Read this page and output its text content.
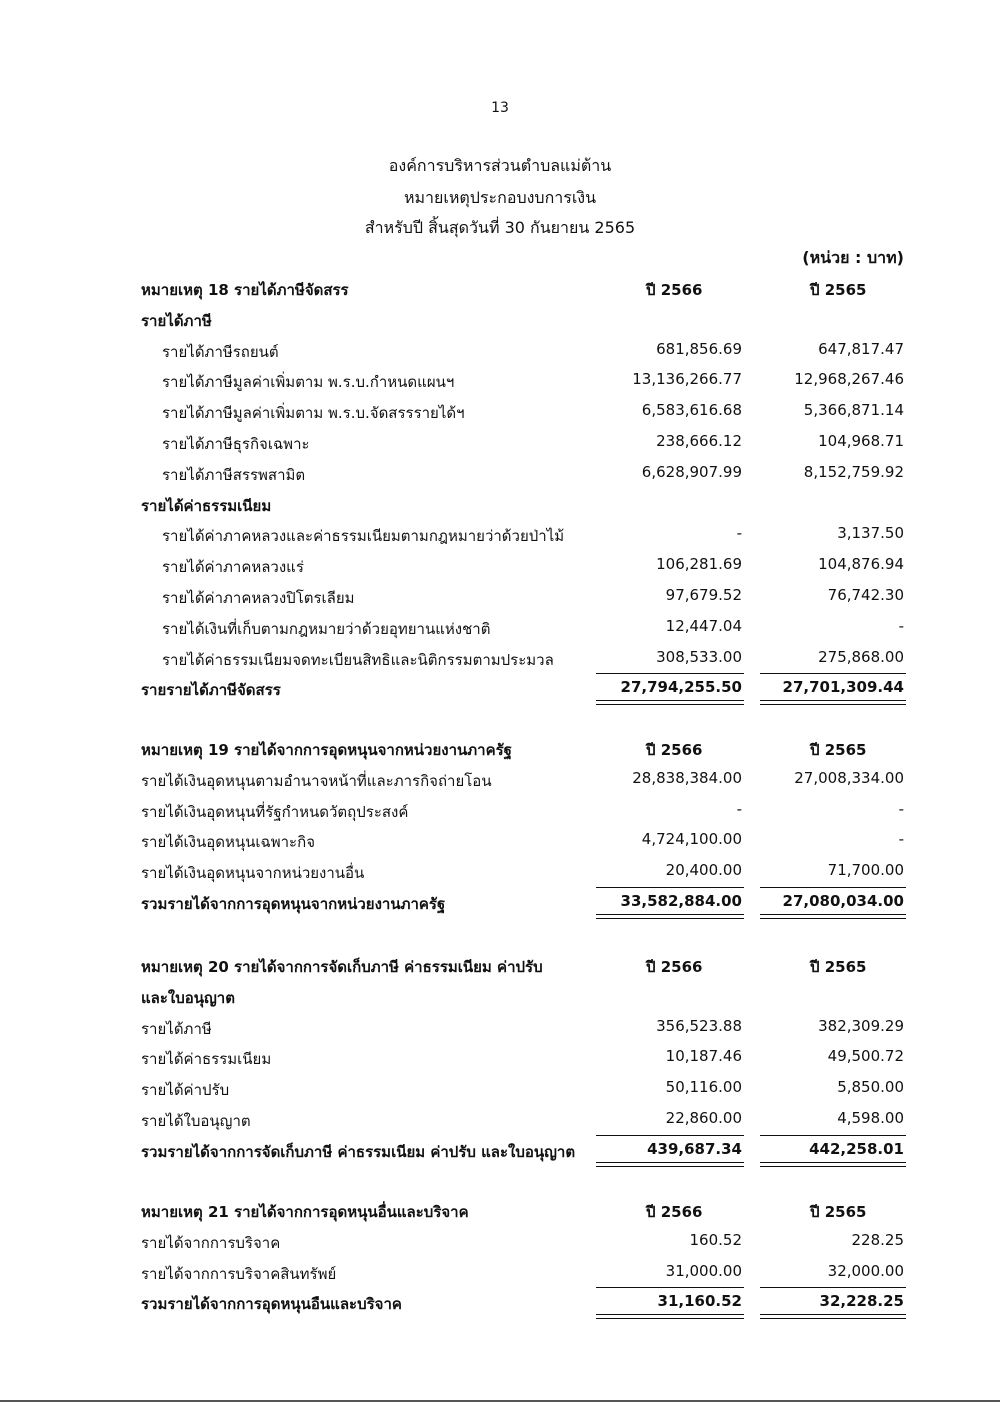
13
องค์การบริหารส่วนตำบลแม่ต้าน
หมายเหตุประกอบงบการเงิน
สำหรับปี สิ้นสุดวันที่ 30 กันยายน 2565
(หน่วย : บาท)
หมายเหตุ 18 รายได้ภาษีจัดสรร	ปี 2566	ปี 2565
รายได้ภาษี
รายได้ภาษีรถยนต์	681,856.69	647,817.47
รายได้ภาษีมูลค่าเพิ่มตาม พ.ร.บ.กำหนดแผนฯ	13,136,266.77	12,968,267.46
รายได้ภาษีมูลค่าเพิ่มตาม พ.ร.บ.จัดสรรรายได้ฯ	6,583,616.68	5,366,871.14
รายได้ภาษีธุรกิจเฉพาะ	238,666.12	104,968.71
รายได้ภาษีสรรพสามิต	6,628,907.99	8,152,759.92
รายได้ค่าธรรมเนียม
รายได้ค่าภาคหลวงและค่าธรรมเนียมตามกฎหมายว่าด้วยป่าไม้	-	3,137.50
รายได้ค่าภาคหลวงแร่	106,281.69	104,876.94
รายได้ค่าภาคหลวงปิโตรเลียม	97,679.52	76,742.30
รายได้เงินที่เก็บตามกฎหมายว่าด้วยอุทยานแห่งชาติ	12,447.04	-
รายได้ค่าธรรมเนียมจดทะเบียนสิทธิและนิติกรรมตามประมวล	308,533.00	275,868.00
รายรายได้ภาษีจัดสรร	27,794,255.50	27,701,309.44
หมายเหตุ 19 รายได้จากการอุดหนุนจากหน่วยงานภาครัฐ	ปี 2566	ปี 2565
รายได้เงินอุดหนุนตามอำนาจหน้าที่และภารกิจถ่ายโอน	28,838,384.00	27,008,334.00
รายได้เงินอุดหนุนที่รัฐกำหนดวัตถุประสงค์	-	-
รายได้เงินอุดหนุนเฉพาะกิจ	4,724,100.00	-
รายได้เงินอุดหนุนจากหน่วยงานอื่น	20,400.00	71,700.00
รวมรายได้จากการอุดหนุนจากหน่วยงานภาครัฐ	33,582,884.00	27,080,034.00
หมายเหตุ 20 รายได้จากการจัดเก็บภาษี ค่าธรรมเนียม ค่าปรับ	ปี 2566	ปี 2565
และใบอนุญาต
รายได้ภาษี	356,523.88	382,309.29
รายได้ค่าธรรมเนียม	10,187.46	49,500.72
รายได้ค่าปรับ	50,116.00	5,850.00
รายได้ใบอนุญาต	22,860.00	4,598.00
รวมรายได้จากการจัดเก็บภาษี ค่าธรรมเนียม ค่าปรับ และใบอนุญาต	439,687.34	442,258.01
หมายเหตุ 21 รายได้จากการอุดหนุนอื่นและบริจาค	ปี 2566	ปี 2565
รายได้จากการบริจาค	160.52	228.25
รายได้จากการบริจาคสินทรัพย์	31,000.00	32,000.00
รวมรายได้จากการอุดหนุนอืนและบริจาค	31,160.52	32,228.25
